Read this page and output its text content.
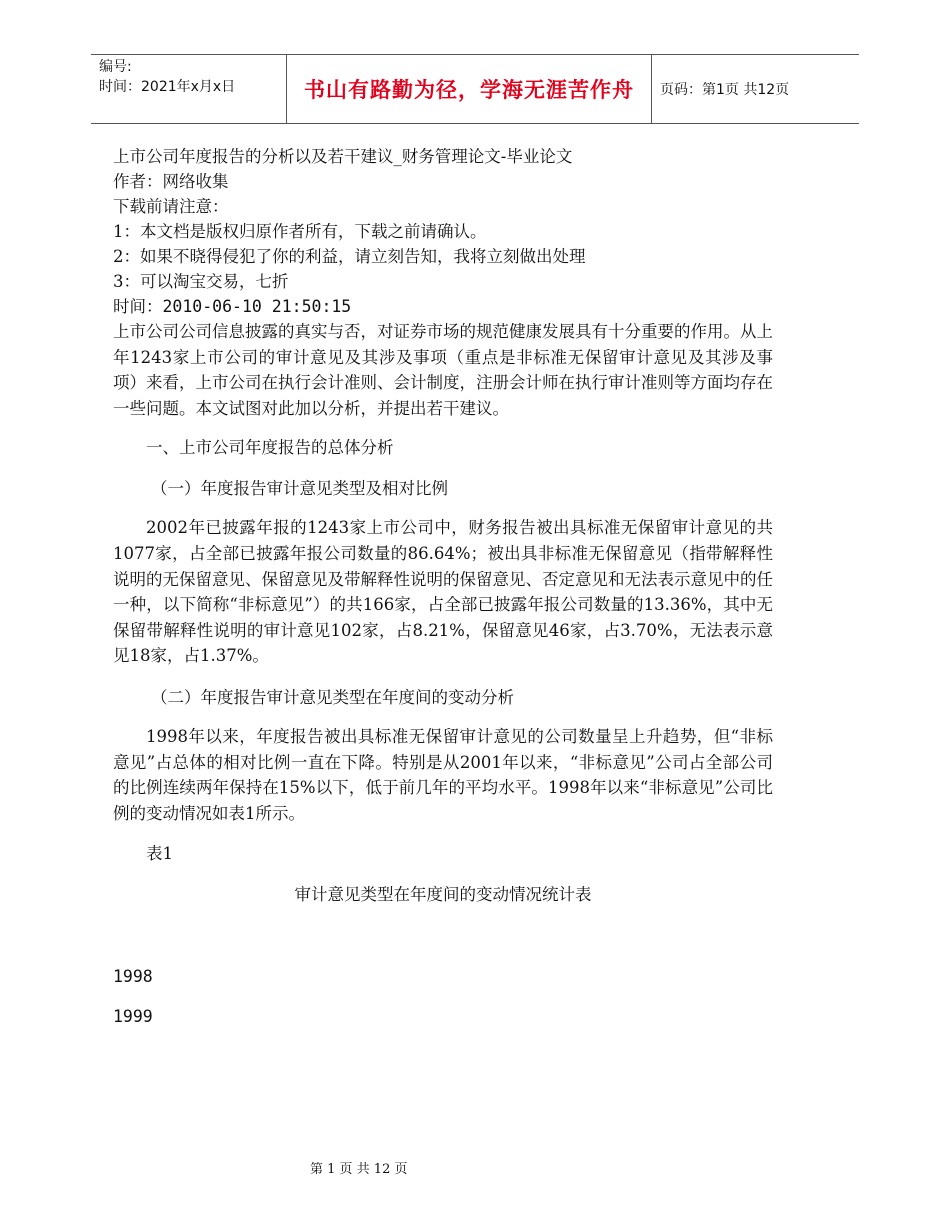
编号:
时间：2021年x月x日	书山有路勤为径，学海无涯苦作舟	页码：第1页 共12页
上市公司年度报告的分析以及若干建议_财务管理论文-毕业论文
作者：网络收集
下载前请注意：
1：本文档是版权归原作者所有，下载之前请确认。
2：如果不晓得侵犯了你的利益，请立刻告知，我将立刻做出处理
3：可以淘宝交易，七折
时间：2010-06-10 21:50:15

上市公司公司信息披露的真实与否，对证券市场的规范健康发展具有十分重要的作用。从上年1243家上市公司的审计意见及其涉及事项（重点是非标准无保留审计意见及其涉及事项）来看，上市公司在执行会计准则、会计制度，注册会计师在执行审计准则等方面均存在一些问题。本文试图对此加以分析，并提出若干建议。

一、上市公司年度报告的总体分析

（一）年度报告审计意见类型及相对比例

2002年已披露年报的1243家上市公司中，财务报告被出具标准无保留审计意见的共1077家，占全部已披露年报公司数量的86.64%；被出具非标准无保留意见（指带解释性说明的无保留意见、保留意见及带解释性说明的保留意见、否定意见和无法表示意见中的任一种，以下简称“非标意见”）的共166家，占全部已披露年报公司数量的13.36%，其中无保留带解释性说明的审计意见102家，占8.21%，保留意见46家，占3.70%，无法表示意见18家，占1.37%。

（二）年度报告审计意见类型在年度间的变动分析

1998年以来，年度报告被出具标准无保留审计意见的公司数量呈上升趋势，但“非标意见”占总体的相对比例一直在下降。特别是从2001年以来，“非标意见”公司占全部公司的比例连续两年保持在15%以下，低于前几年的平均水平。1998年以来“非标意见”公司比例的变动情况如表1所示。

表1

审计意见类型在年度间的变动情况统计表

1998

1999

第 1 页 共 12 页
